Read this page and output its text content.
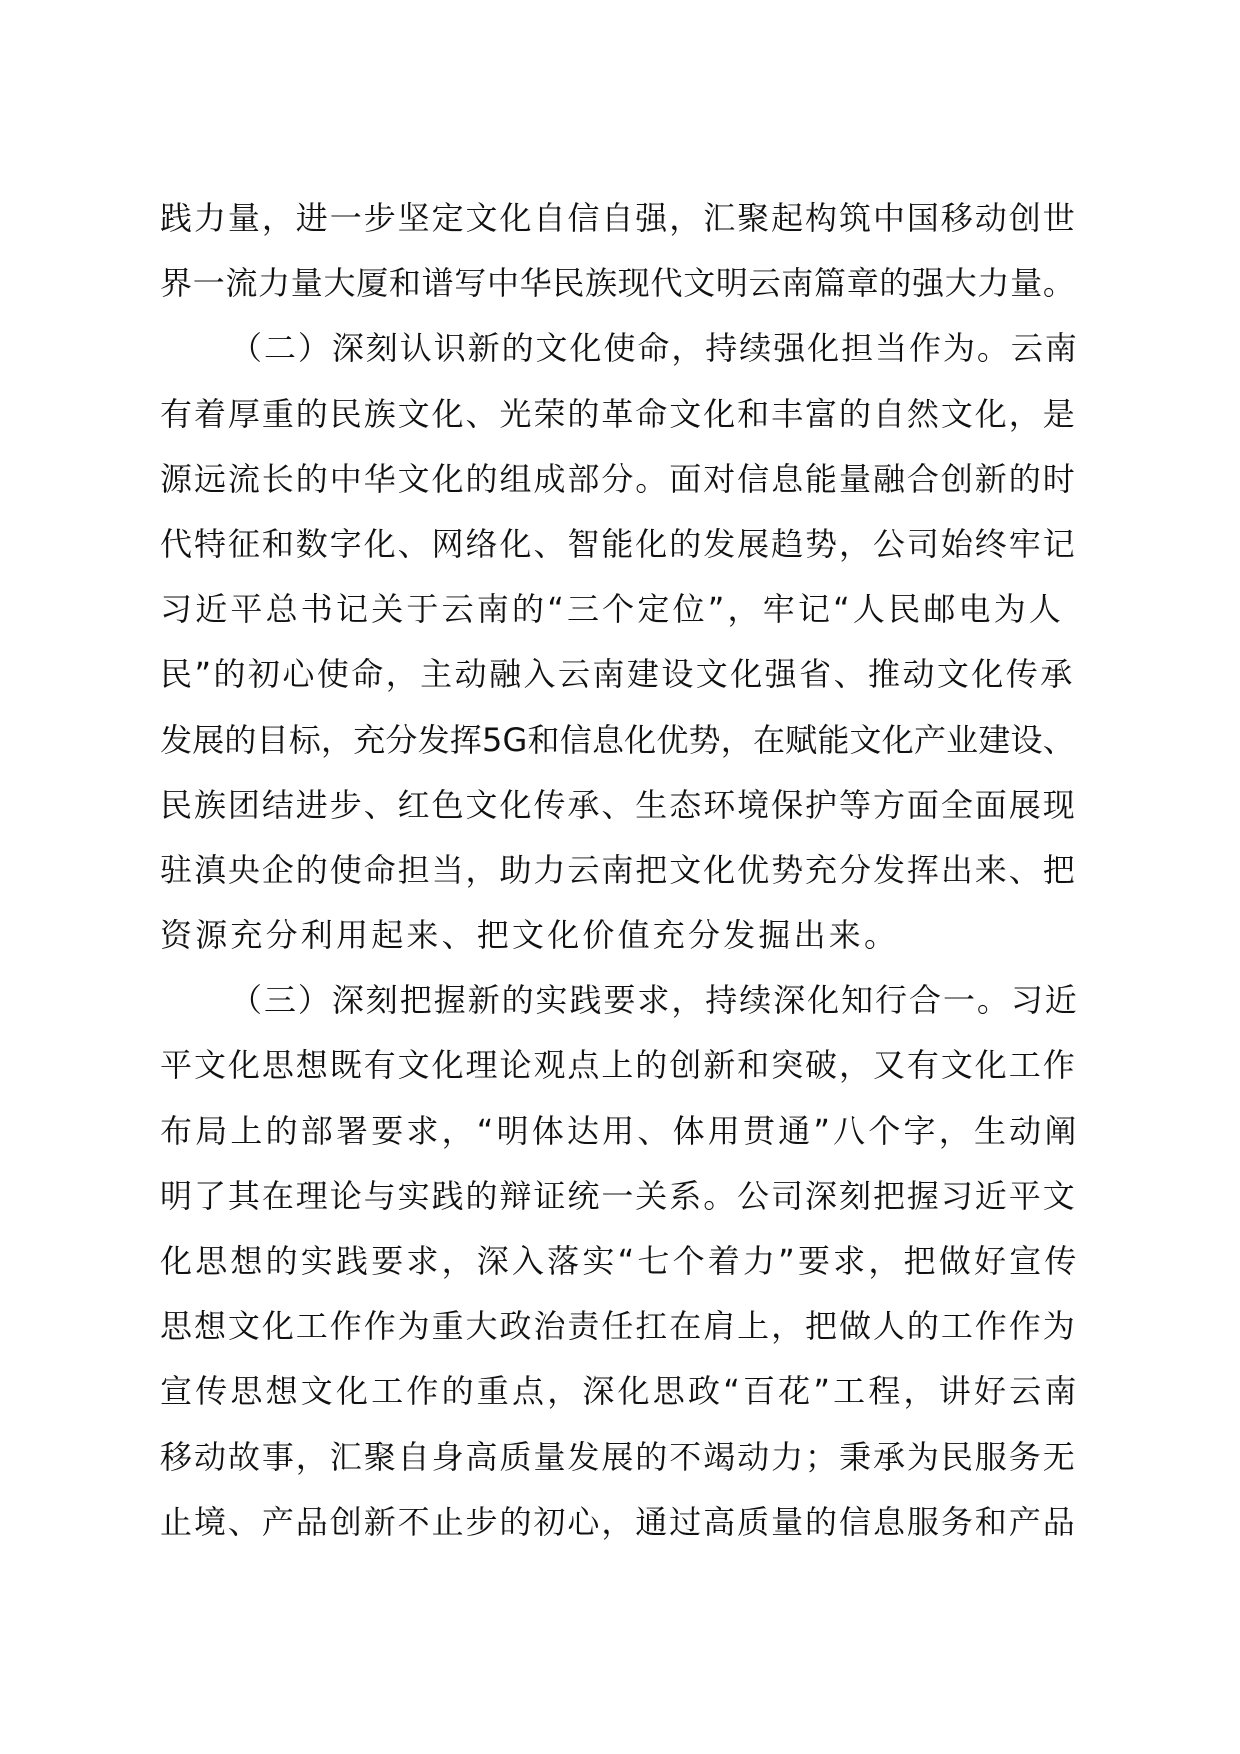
践力量，进一步坚定文化自信自强，汇聚起构筑中国移动创世
界一流力量大厦和谱写中华民族现代文明云南篇章的强大力量。
（二）深刻认识新的文化使命，持续强化担当作为。云南
有着厚重的民族文化、光荣的革命文化和丰富的自然文化，是
源远流长的中华文化的组成部分。面对信息能量融合创新的时
代特征和数字化、网络化、智能化的发展趋势，公司始终牢记
习近平总书记关于云南的“三个定位”，牢记“人民邮电为人
民”的初心使命，主动融入云南建设文化强省、推动文化传承
发展的目标，充分发挥5G和信息化优势，在赋能文化产业建设、
民族团结进步、红色文化传承、生态环境保护等方面全面展现
驻滇央企的使命担当，助力云南把文化优势充分发挥出来、把
资源充分利用起来、把文化价值充分发掘出来。
（三）深刻把握新的实践要求，持续深化知行合一。习近
平文化思想既有文化理论观点上的创新和突破，又有文化工作
布局上的部署要求，“明体达用、体用贯通”八个字，生动阐
明了其在理论与实践的辩证统一关系。公司深刻把握习近平文
化思想的实践要求，深入落实“七个着力”要求，把做好宣传
思想文化工作作为重大政治责任扛在肩上，把做人的工作作为
宣传思想文化工作的重点，深化思政“百花”工程，讲好云南
移动故事，汇聚自身高质量发展的不竭动力；秉承为民服务无
止境、产品创新不止步的初心，通过高质量的信息服务和产品
